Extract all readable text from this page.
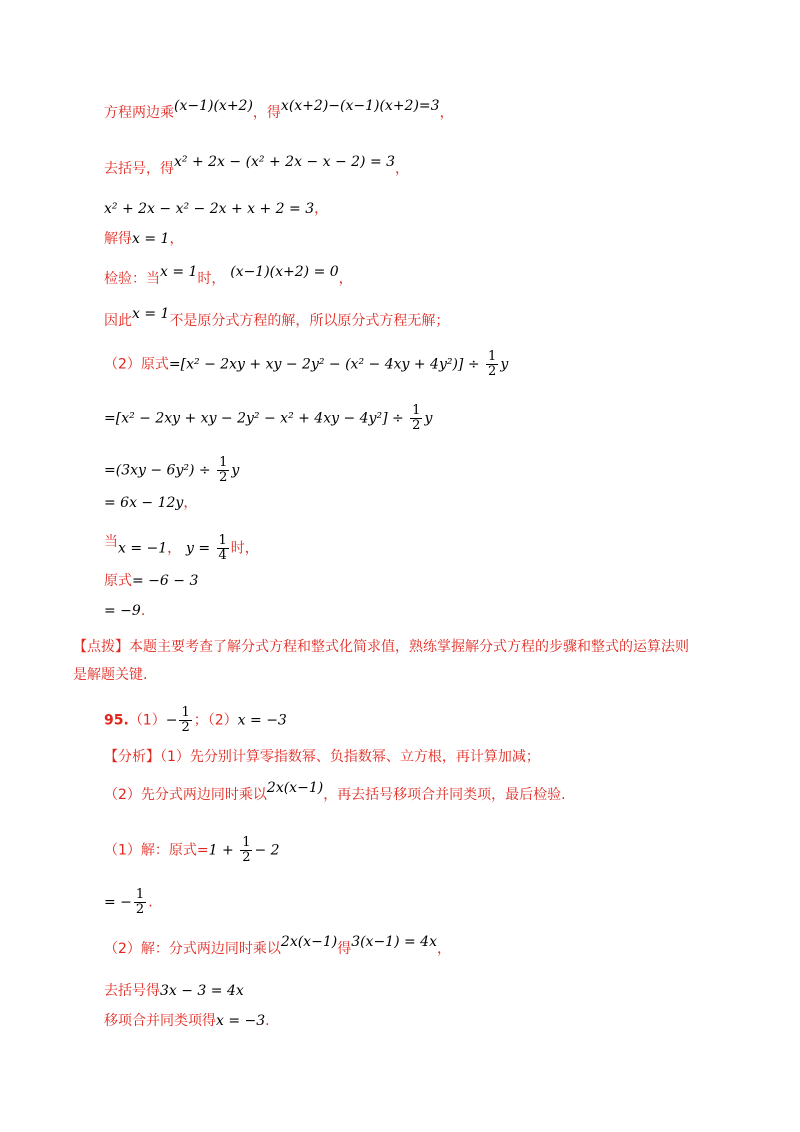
方程两边乘(x−1)(x+2)，得x(x+2)−(x−1)(x+2)=3，
去括号，得x² + 2x − (x² + 2x − x − 2) = 3，
x² + 2x − x² − 2x + x + 2 = 3，
解得x = 1，
检验：当x = 1时， (x−1)(x+2) = 0，
因此x = 1不是原分式方程的解，所以原分式方程无解；
（2）原式=[x² − 2xy + xy − $2y^2 - (x^2 - 4xy + 4y^2)] \div \frac{1}{2}$ y
=[x² − 2xy + xy − $2y^2 - x^2 + 4xy - 4y^2] \div \frac{1}{2}$ y
$=(3xy - 6y^2) \div \frac{1}{2}$ y
= 6x − 12y，
当x = −1， $y = \frac{1}{4}$ 时，
原式= −6 − 3
= −9.
【点拨】本题主要考查了解分式方程和整式化简求值，熟练掌握解分式方程的步骤和整式的运算法则
是解题关键.
$95.(1)- \frac{1}{2}$ ；（2）x = −3
【分析】（1）先分别计算零指数幂、负指数幂、立方根，再计算加减；
（2）先分式两边同时乘以2x(x−1)，再去括号移项合并同类项，最后检验.
（1）解：原式$=1 + \frac{1}{2} - 2$
= − $\frac{1}{2}$ .
（2）解：分式两边同时乘以2x(x−1)得3(x−1) = 4x，
去括号得3x − 3 = 4x
移项合并同类项得x = −3.
